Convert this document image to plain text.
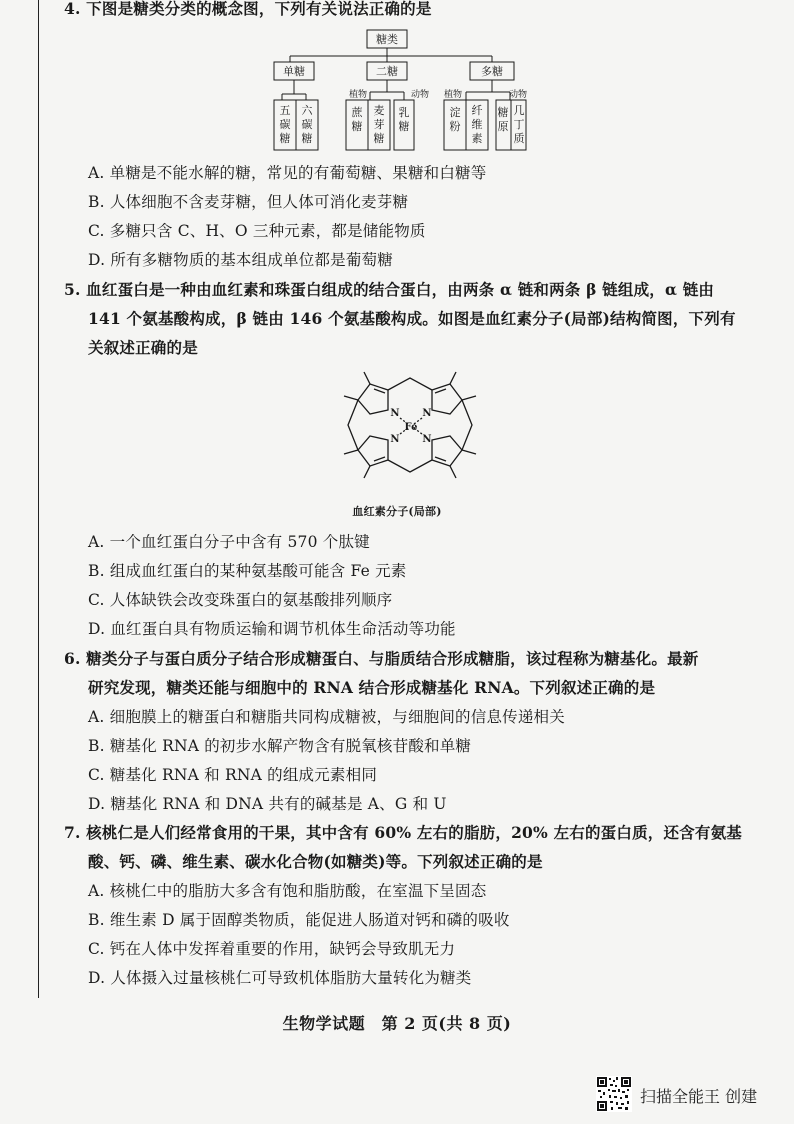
4. 下图是糖类分类的概念图，下列有关说法正确的是
糖类
单糖	二糖	多糖
植物	动物 植物	动物
五
碳
糖
六
碳
糖
蔗
糖
麦
芽
糖
乳
糖
淀
粉
纤
维
素
糖
原
几
丁
质
A. 单糖是不能水解的糖，常见的有葡萄糖、果糖和白糖等
B. 人体细胞不含麦芽糖，但人体可消化麦芽糖
C. 多糖只含 C、H、O 三种元素，都是储能物质
D. 所有多糖物质的基本组成单位都是葡萄糖
5. 血红蛋白是一种由血红素和珠蛋白组成的结合蛋白，由两条 α 链和两条 β 链组成，α 链由
141 个氨基酸构成，β 链由 146 个氨基酸构成。如图是血红素分子(局部)结构简图，下列有
关叙述正确的是
N N
N N
Fe
血红素分子(局部)
A. 一个血红蛋白分子中含有 570 个肽键
B. 组成血红蛋白的某种氨基酸可能含 Fe 元素
C. 人体缺铁会改变珠蛋白的氨基酸排列顺序
D. 血红蛋白具有物质运输和调节机体生命活动等功能
6. 糖类分子与蛋白质分子结合形成糖蛋白、与脂质结合形成糖脂，该过程称为糖基化。最新
研究发现，糖类还能与细胞中的 RNA 结合形成糖基化 RNA。下列叙述正确的是
A. 细胞膜上的糖蛋白和糖脂共同构成糖被，与细胞间的信息传递相关
B. 糖基化 RNA 的初步水解产物含有脱氧核苷酸和单糖
C. 糖基化 RNA 和 RNA 的组成元素相同
D. 糖基化 RNA 和 DNA 共有的碱基是 A、G 和 U
7. 核桃仁是人们经常食用的干果，其中含有 60% 左右的脂肪，20% 左右的蛋白质，还含有氨基
酸、钙、磷、维生素、碳水化合物(如糖类)等。下列叙述正确的是
A. 核桃仁中的脂肪大多含有饱和脂肪酸，在室温下呈固态
B. 维生素 D 属于固醇类物质，能促进人肠道对钙和磷的吸收
C. 钙在人体中发挥着重要的作用，缺钙会导致肌无力
D. 人体摄入过量核桃仁可导致机体脂肪大量转化为糖类
生物学试题　第 2 页(共 8 页)
扫描全能王 创建
